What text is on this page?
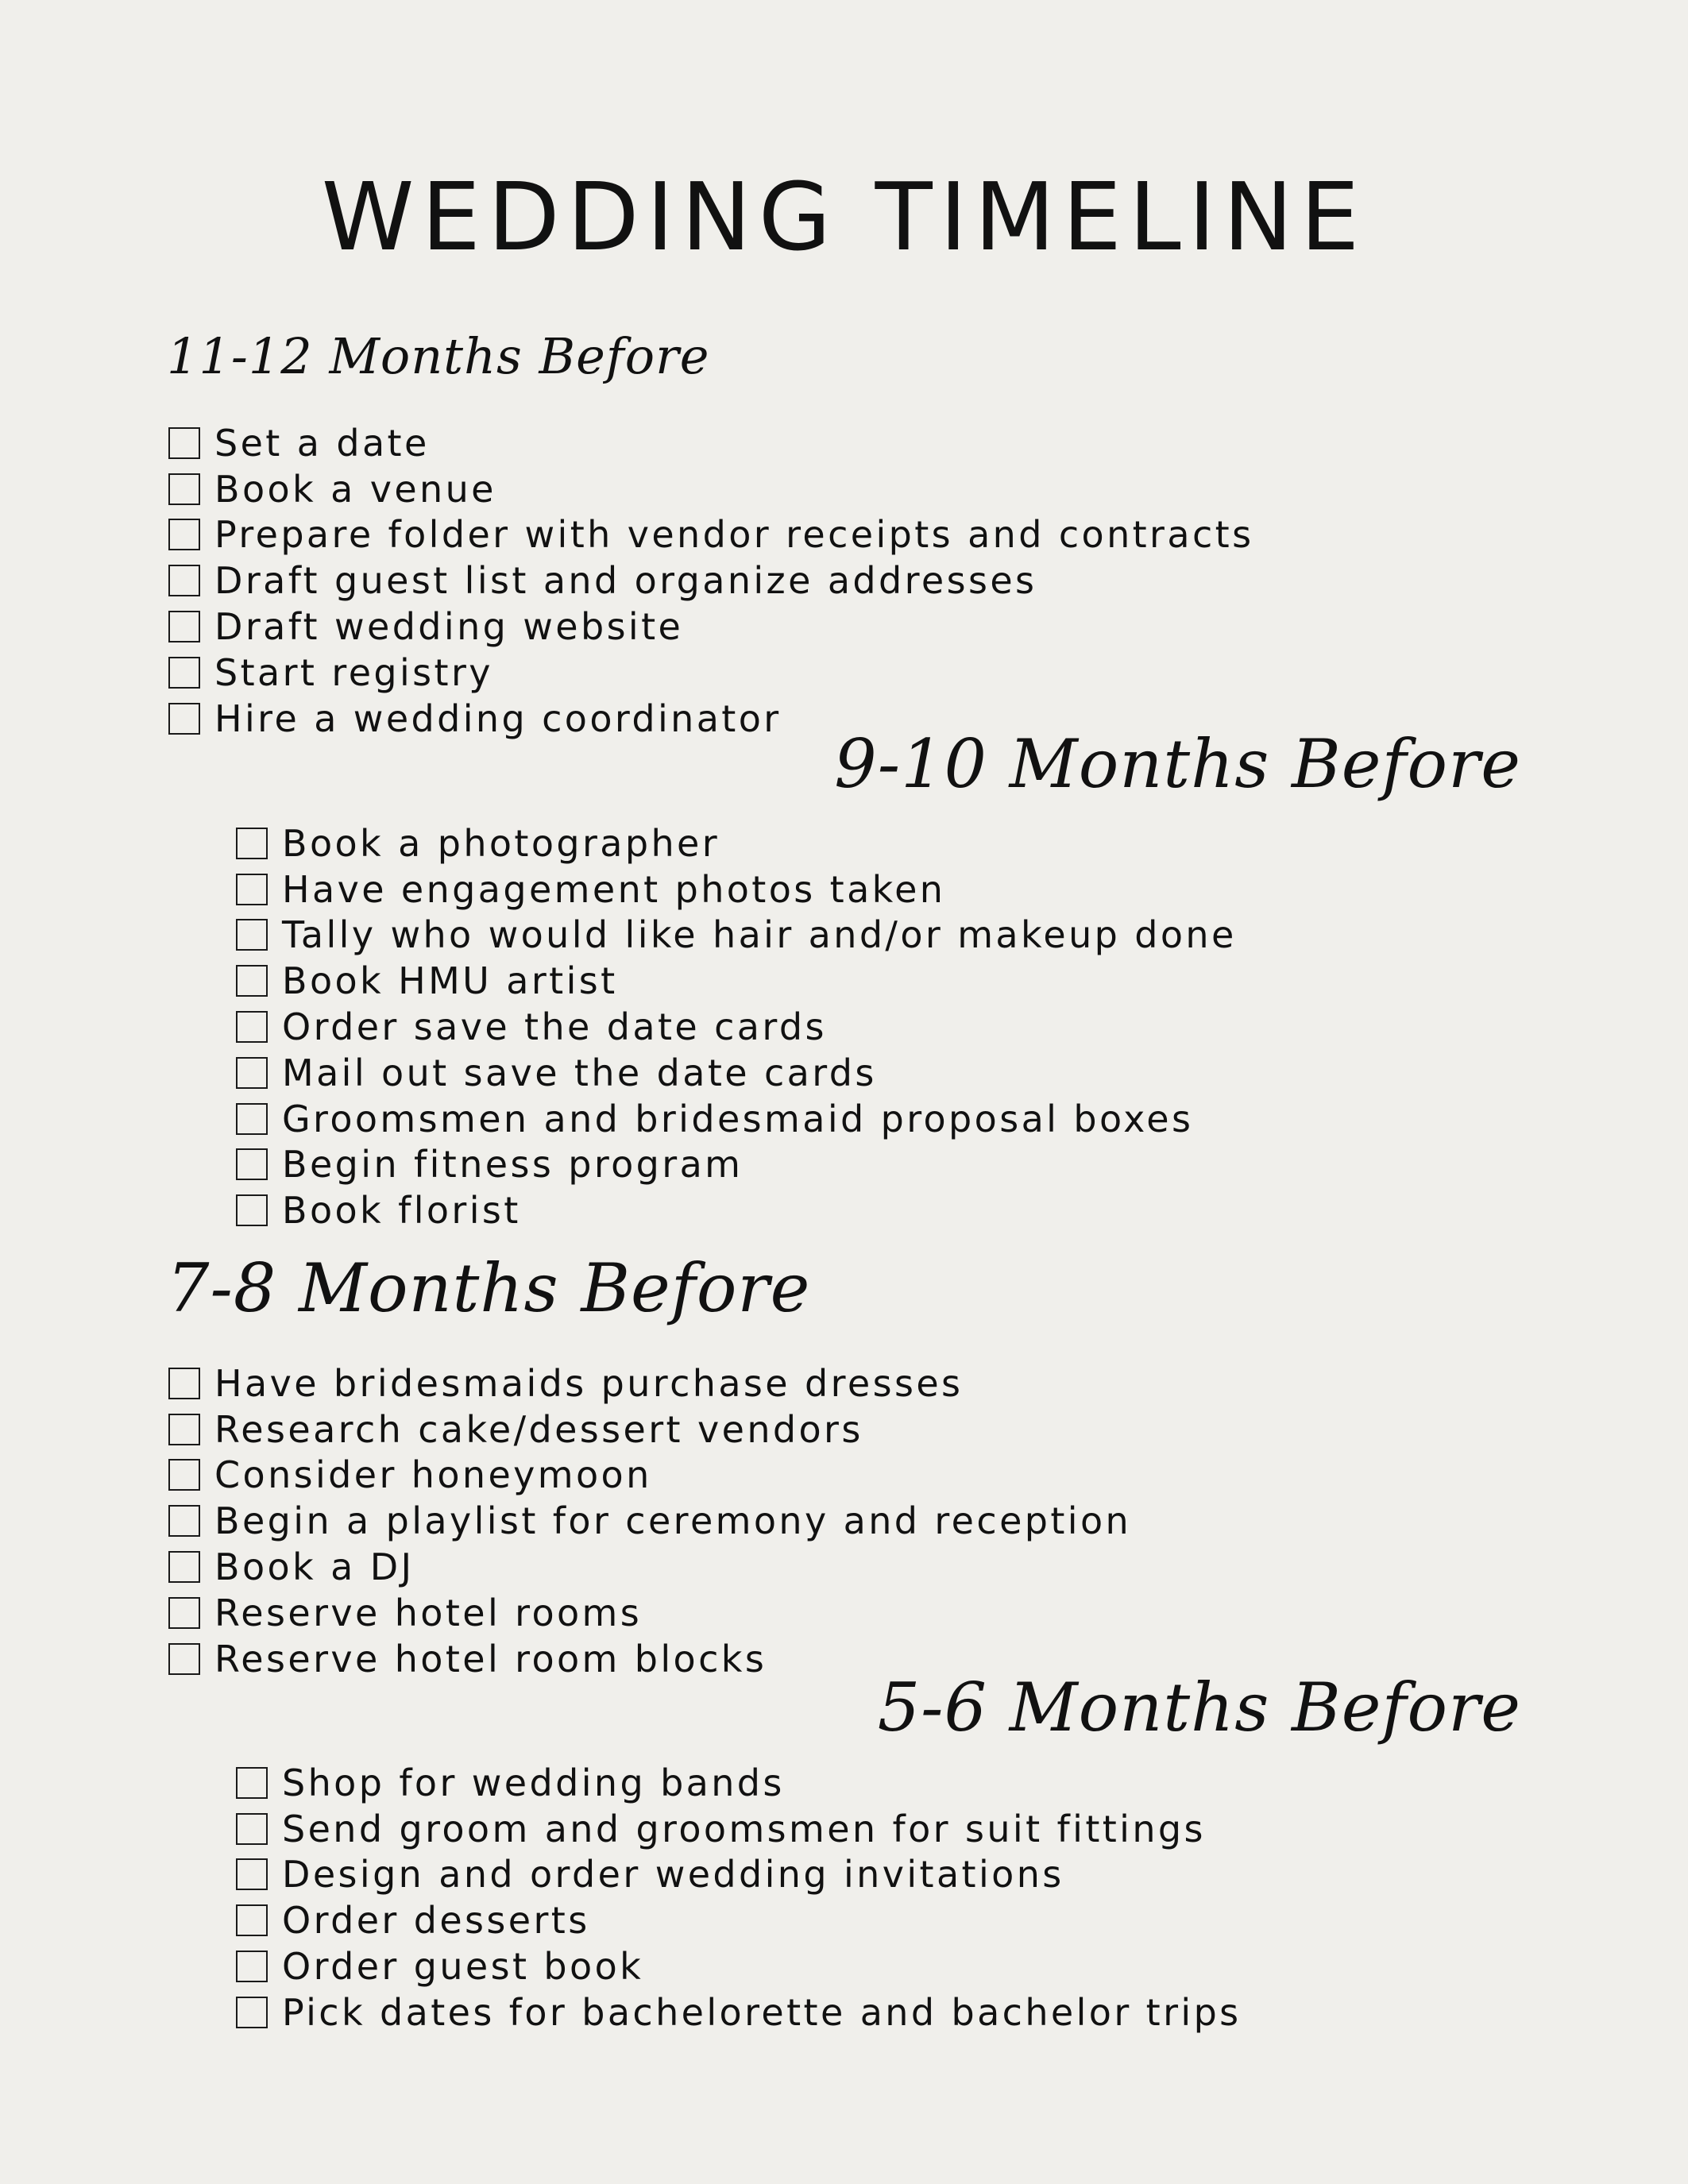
WEDDING TIMELINE
11-12 Months Before
Set a date
Book a venue
Prepare folder with vendor receipts and contracts
Draft guest list and organize addresses
Draft wedding website
Start registry
Hire a wedding coordinator
9-10 Months Before
Book a photographer
Have engagement photos taken
Tally who would like hair and/or makeup done
Book HMU artist
Order save the date cards
Mail out save the date cards
Groomsmen and bridesmaid proposal boxes
Begin fitness program
Book florist
7-8 Months Before
Have bridesmaids purchase dresses
Research cake/dessert vendors
Consider honeymoon
Begin a playlist for ceremony and reception
Book a DJ
Reserve hotel rooms
Reserve hotel room blocks
5-6 Months Before
Shop for wedding bands
Send groom and groomsmen for suit fittings
Design and order wedding invitations
Order desserts
Order guest book
Pick dates for bachelorette and bachelor trips
